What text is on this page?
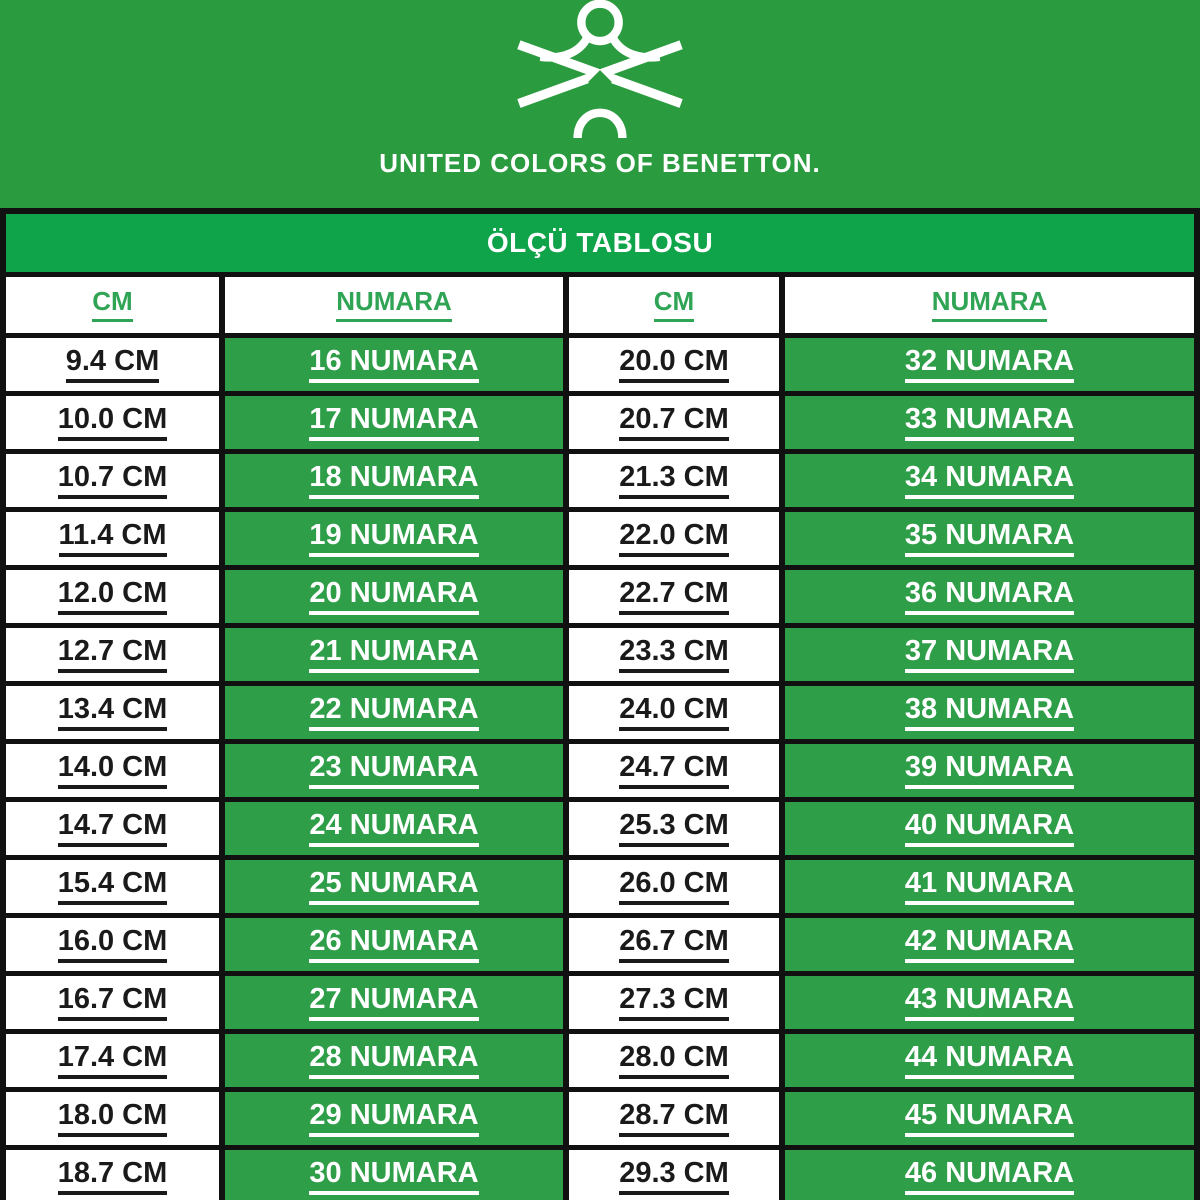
UNITED COLORS OF BENETTON.
ÖLÇÜ TABLOSU
CM	NUMARA	CM	NUMARA
9.4 CM	16 NUMARA	20.0 CM	32 NUMARA
10.0 CM	17 NUMARA	20.7 CM	33 NUMARA
10.7 CM	18 NUMARA	21.3 CM	34 NUMARA
11.4 CM	19 NUMARA	22.0 CM	35 NUMARA
12.0 CM	20 NUMARA	22.7 CM	36 NUMARA
12.7 CM	21 NUMARA	23.3 CM	37 NUMARA
13.4 CM	22 NUMARA	24.0 CM	38 NUMARA
14.0 CM	23 NUMARA	24.7 CM	39 NUMARA
14.7 CM	24 NUMARA	25.3 CM	40 NUMARA
15.4 CM	25 NUMARA	26.0 CM	41 NUMARA
16.0 CM	26 NUMARA	26.7 CM	42 NUMARA
16.7 CM	27 NUMARA	27.3 CM	43 NUMARA
17.4 CM	28 NUMARA	28.0 CM	44 NUMARA
18.0 CM	29 NUMARA	28.7 CM	45 NUMARA
18.7 CM	30 NUMARA	29.3 CM	46 NUMARA
